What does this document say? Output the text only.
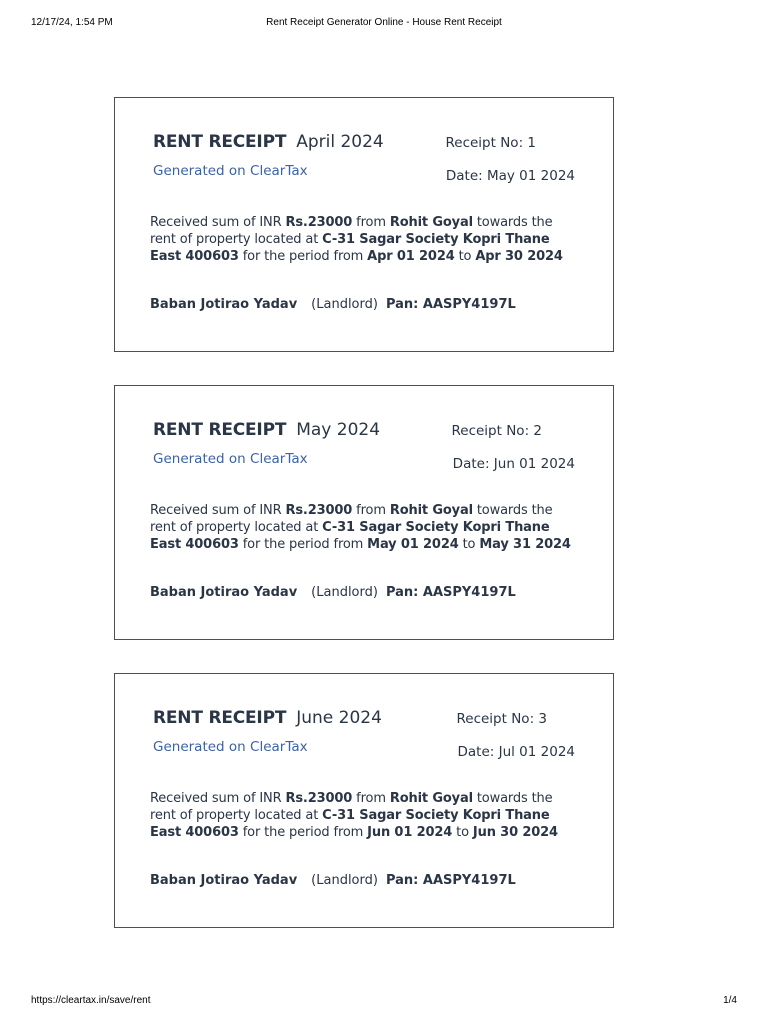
12/17/24, 1:54 PM	Rent Receipt Generator Online - House Rent Receipt
RENT RECEIPT April 2024
Generated on ClearTax
Receipt No: 1
Date: May 01 2024
Received sum of INR Rs.23000 from Rohit Goyal towards the rent of property located at C-31 Sagar Society Kopri Thane East 400603 for the period from Apr 01 2024 to Apr 30 2024
Baban Jotirao Yadav (Landlord) Pan: AASPY4197L
RENT RECEIPT May 2024
Generated on ClearTax
Receipt No: 2
Date: Jun 01 2024
Received sum of INR Rs.23000 from Rohit Goyal towards the rent of property located at C-31 Sagar Society Kopri Thane East 400603 for the period from May 01 2024 to May 31 2024
Baban Jotirao Yadav (Landlord) Pan: AASPY4197L
RENT RECEIPT June 2024
Generated on ClearTax
Receipt No: 3
Date: Jul 01 2024
Received sum of INR Rs.23000 from Rohit Goyal towards the rent of property located at C-31 Sagar Society Kopri Thane East 400603 for the period from Jun 01 2024 to Jun 30 2024
Baban Jotirao Yadav (Landlord) Pan: AASPY4197L
https://cleartax.in/save/rent	1/4
